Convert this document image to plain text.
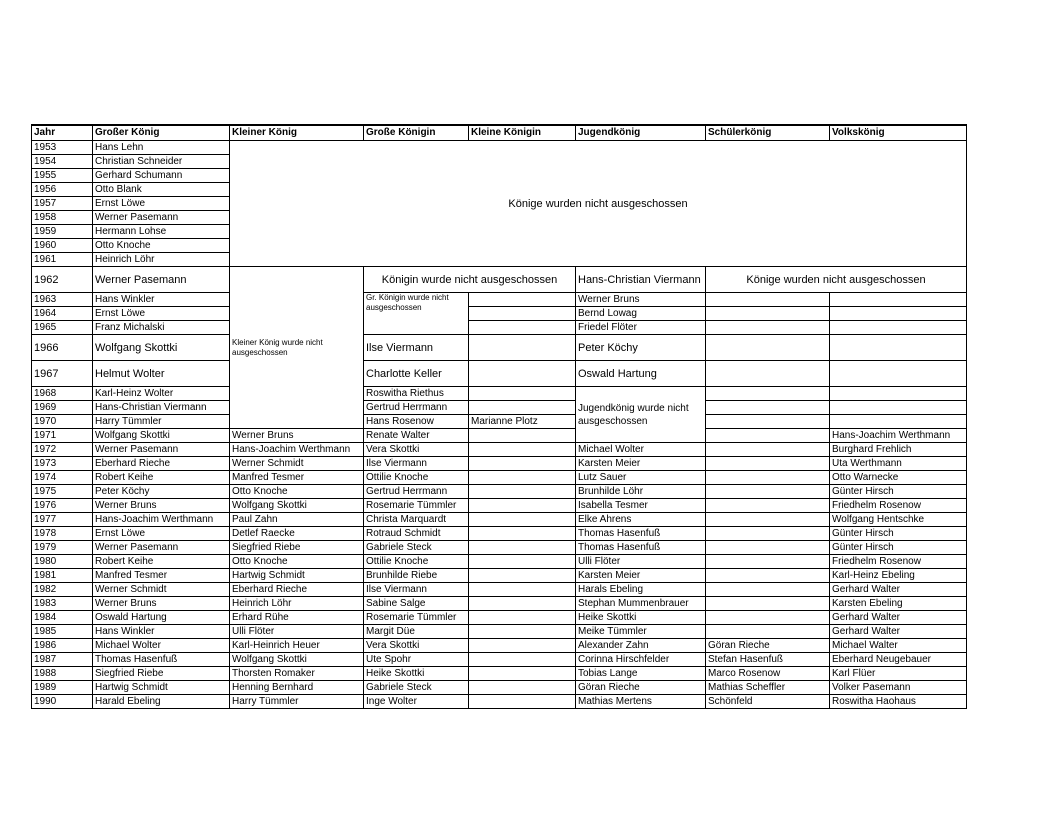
Jahr	Großer König	Kleiner König	Große Königin	Kleine Königin	Jugendkönig	Schülerkönig	Volkskönig	
1953	Hans Lehn	Könige wurden nicht ausgeschossen						
1954	Christian Schneider							
1955	Gerhard Schumann							
1956	Otto Blank							
1957	Ernst Löwe							
1958	Werner Pasemann							
1959	Hermann Lohse							
1960	Otto Knoche							
1961	Heinrich Löhr							
1962	Werner Pasemann	Kleiner König wurde nicht ausgeschossen	Königin wurde nicht ausgeschossen		Hans-Christian Viermann	Könige wurden nicht ausgeschossen		
1963	Hans Winkler		Gr. Königin wurde nicht ausgeschossen		Werner Bruns			
1964	Ernst Löwe				Bernd Lowag			
1965	Franz Michalski				Friedel Flöter			
1966	Wolfgang Skottki		Ilse Viermann		Peter Köchy			
1967	Helmut Wolter		Charlotte Keller		Oswald Hartung			
1968	Karl-Heinz Wolter		Roswitha Riethus		Jugendkönig wurde nicht ausgeschossen			
1969	Hans-Christian Viermann		Gertrud Herrmann					
1970	Harry Tümmler		Hans Rosenow	Marianne Plotz			
1971	Wolfgang Skottki	Werner Bruns	Renate Walter				Hans-Joachim Werthmann	
1972	Werner Pasemann	Hans-Joachim Werthmann	Vera Skottki		Michael Wolter		Burghard Frehlich	
1973	Eberhard Rieche	Werner Schmidt	Ilse Viermann		Karsten Meier		Uta Werthmann	
1974	Robert Keihe	Manfred Tesmer	Ottilie Knoche		Lutz Sauer		Otto Warnecke	
1975	Peter Köchy	Otto Knoche	Gertrud Herrmann		Brunhilde Löhr		Günter Hirsch	
1976	Werner Bruns	Wolfgang Skottki	Rosemarie Tümmler		Isabella Tesmer		Friedhelm Rosenow	
1977	Hans-Joachim Werthmann	Paul Zahn	Christa Marquardt		Elke Ahrens		Wolfgang Hentschke	
1978	Ernst Löwe	Detlef Raecke	Rotraud Schmidt		Thomas Hasenfuß		Günter Hirsch	
1979	Werner Pasemann	Siegfried Riebe	Gabriele Steck		Thomas Hasenfuß		Günter Hirsch	
1980	Robert Keihe	Otto Knoche	Ottilie Knoche		Ulli Flöter		Friedhelm Rosenow	
1981	Manfred Tesmer	Hartwig Schmidt	Brunhilde Riebe		Karsten Meier		Karl-Heinz Ebeling	
1982	Werner Schmidt	Eberhard Rieche	Ilse Viermann		Harals Ebeling		Gerhard Walter	
1983	Werner Bruns	Heinrich Löhr	Sabine Salge		Stephan Mummenbrauer		Karsten Ebeling	
1984	Oswald Hartung	Erhard Rühe	Rosemarie Tümmler		Heike Skottki		Gerhard Walter	
1985	Hans Winkler	Ulli Flöter	Margit Düe		Meike Tümmler		Gerhard Walter	
1986	Michael Wolter	Karl-Heinrich Heuer	Vera Skottki		Alexander Zahn	Göran Rieche	Michael Walter	
1987	Thomas Hasenfuß	Wolfgang Skottki	Ute Spohr		Corinna Hirschfelder	Stefan Hasenfuß	Eberhard Neugebauer	
1988	Siegfried Riebe	Thorsten Romaker	Heike Skottki		Tobias Lange	Marco Rosenow	Karl Flüer	
1989	Hartwig Schmidt	Henning Bernhard	Gabriele Steck		Göran Rieche	Mathias Scheffler	Volker Pasemann	
1990	Harald Ebeling	Harry Tümmler	Inge Wolter		Mathias Mertens	Schönfeld	Roswitha Haohaus	
